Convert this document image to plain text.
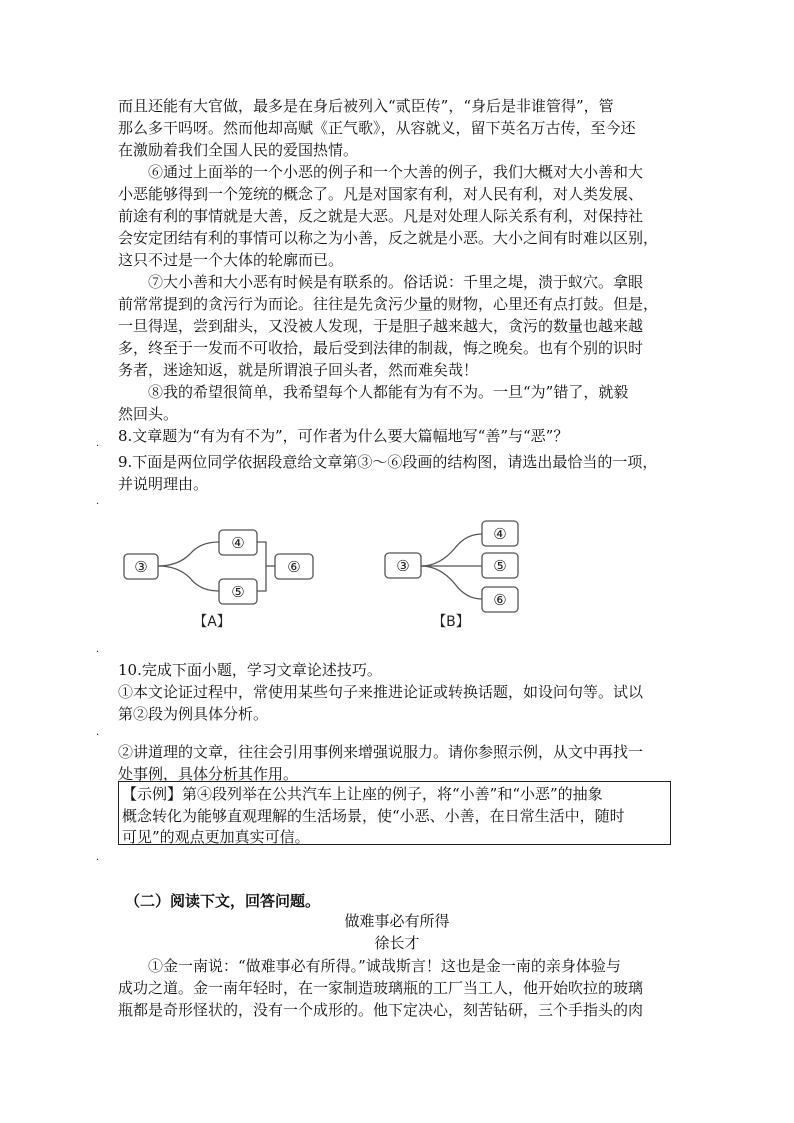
而且还能有大官做，最多是在身后被列入“贰臣传”，“身后是非谁管得”，管
那么多干吗呀。然而他却高赋《正气歌》，从容就义，留下英名万古传，至今还
在激励着我们全国人民的爱国热情。
⑥通过上面举的一个小恶的例子和一个大善的例子，我们大概对大小善和大
小恶能够得到一个笼统的概念了。凡是对国家有利，对人民有利，对人类发展、
前途有利的事情就是大善，反之就是大恶。凡是对处理人际关系有利，对保持社
会安定团结有利的事情可以称之为小善，反之就是小恶。大小之间有时难以区别，
这只不过是一个大体的轮廓而已。
⑦大小善和大小恶有时候是有联系的。俗话说：千里之堤，溃于蚁穴。拿眼
前常常提到的贪污行为而论。往往是先贪污少量的财物，心里还有点打鼓。但是，
一旦得逞，尝到甜头，又没被人发现，于是胆子越来越大，贪污的数量也越来越
多，终至于一发而不可收拾，最后受到法律的制裁，悔之晚矣。也有个别的识时
务者，迷途知返，就是所谓浪子回头者，然而难矣哉！
⑧我的希望很简单，我希望每个人都能有为有不为。一旦“为”错了，就毅
然回头。
8.文章题为“有为有不为”，可作者为什么要大篇幅地写“善”与“恶”？
·
9.下面是两位同学依据段意给文章第③～⑥段画的结构图，请选出最恰当的一项，
并说明理由。
·
③
④
⑤
⑥	③
④
⑤
⑥
【A】	【B】
·
10.完成下面小题，学习文章论述技巧。
①本文论证过程中，常使用某些句子来推进论证或转换话题，如设问句等。试以
第②段为例具体分析。
·
②讲道理的文章，往往会引用事例来增强说服力。请你参照示例，从文中再找一
处事例，具体分析其作用。
【示例】第④段列举在公共汽车上让座的例子，将“小善”和“小恶”的抽象
概念转化为能够直观理解的生活场景，使“小恶、小善，在日常生活中，随时
可见”的观点更加真实可信。
·
（二）阅读下文，回答问题。
做难事必有所得
徐长才
①金一南说：“做难事必有所得。”诚哉斯言！这也是金一南的亲身体验与
成功之道。金一南年轻时，在一家制造玻璃瓶的工厂当工人，他开始吹拉的玻璃
瓶都是奇形怪状的，没有一个成形的。他下定决心，刻苦钻研，三个手指头的肉
